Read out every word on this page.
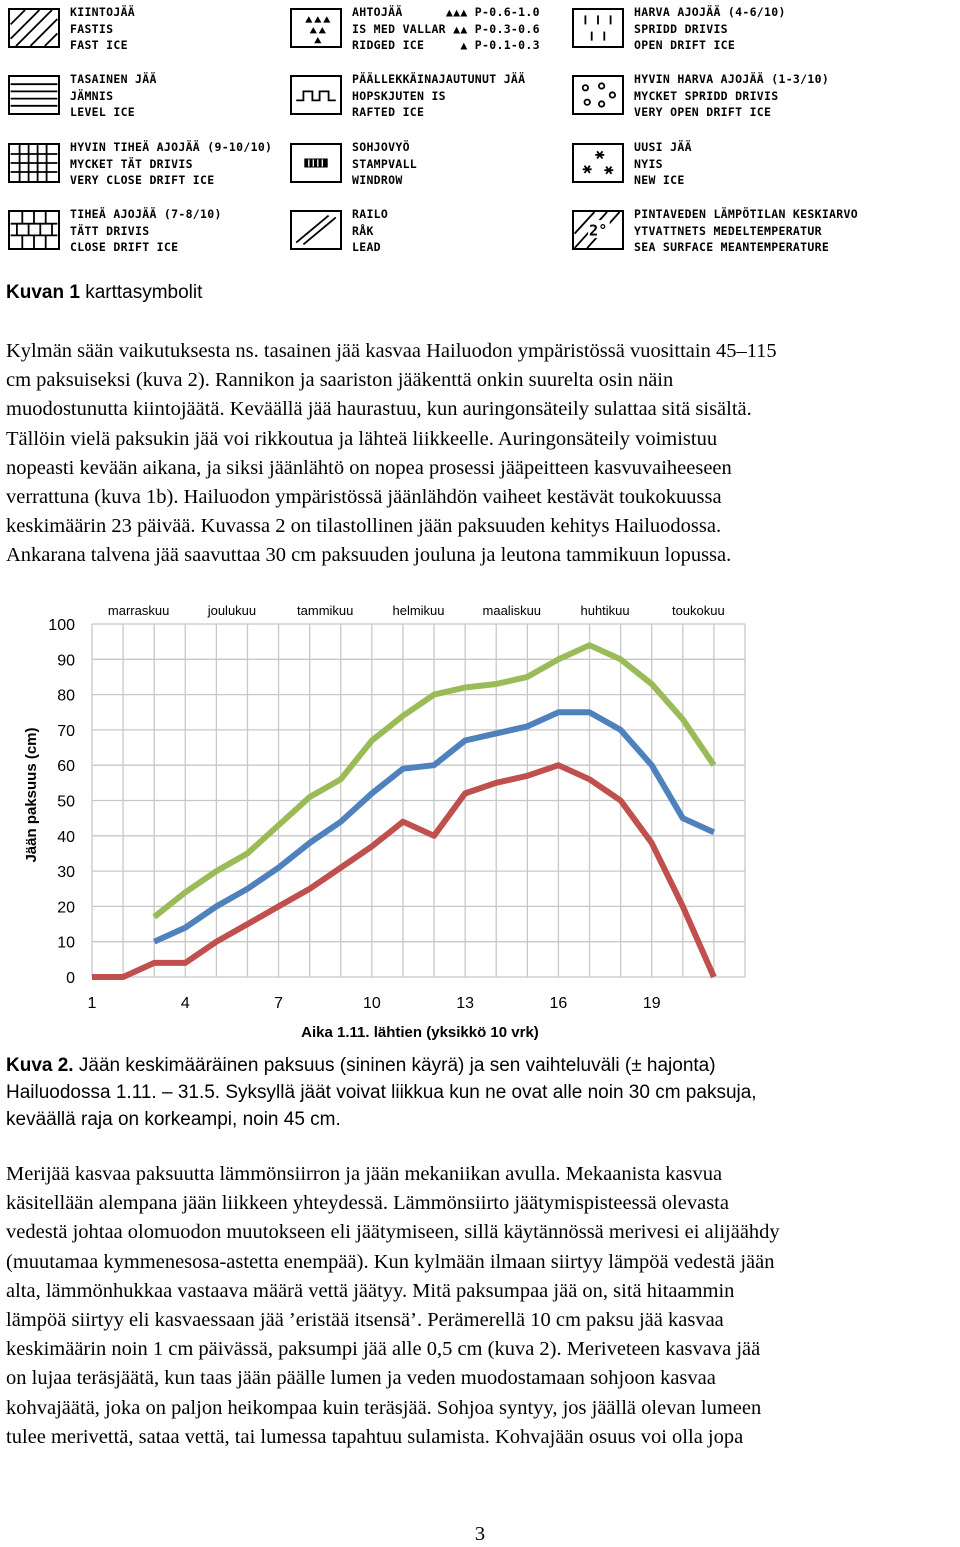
KIINTOJÄÄ
FASTIS
FAST ICE
AHTOJÄÄ      ▲▲▲ P-0.6-1.0
IS MED VALLAR ▲▲ P-0.3-0.6
RIDGED ICE     ▲ P-0.1-0.3
HARVA AJOJÄÄ (4-6/10)
SPRIDD DRIVIS
OPEN DRIFT ICE
TASAINEN JÄÄ
JÄMNIS
LEVEL ICE
PÄÄLLEKKÄINAJAUTUNUT JÄÄ
HOPSKJUTEN IS
RAFTED ICE
HYVIN HARVA AJOJÄÄ (1-3/10)
MYCKET SPRIDD DRIVIS
VERY OPEN DRIFT ICE
HYVIN TIHEÄ AJOJÄÄ (9-10/10)
MYCKET TÄT DRIVIS
VERY CLOSE DRIFT ICE
SOHJOVYÖ
STAMPVALL
WINDROW
UUSI JÄÄ
NYIS
NEW ICE
TIHEÄ AJOJÄÄ (7-8/10)
TÄTT DRIVIS
CLOSE DRIFT ICE
RAILO
RÅK
LEAD
2°
PINTAVEDEN LÄMPÖTILAN KESKIARVO
YTVATTNETS MEDELTEMPERATUR
SEA SURFACE MEANTEMPERATURE
Kuvan 1 karttasymbolit
Kylmän sään vaikutuksesta ns. tasainen jää kasvaa Hailuodon ympäristössä vuosittain 45–115
cm paksuiseksi (kuva 2). Rannikon ja saariston jääkenttä onkin suurelta osin näin
muodostunutta kiintojäätä. Keväällä jää haurastuu, kun auringonsäteily sulattaa sitä sisältä.
Tällöin vielä paksukin jää voi rikkoutua ja lähteä liikkeelle. Auringonsäteily voimistuu
nopeasti kevään aikana, ja siksi jäänlähtö on nopea prosessi jääpeitteen kasvuvaiheeseen
verrattuna (kuva 1b). Hailuodon ympäristössä jäänlähdön vaiheet kestävät toukokuussa
keskimäärin 23 päivää. Kuvassa 2 on tilastollinen jään paksuuden kehitys Hailuodossa.
Ankarana talvena jää saavuttaa 30 cm paksuuden jouluna ja leutona tammikuun lopussa.
0
10
20
30
40
50
60
70
80
90
100
1	4	7	10	13	16	19
marraskuu	joulukuu	tammikuu	helmikuu	maaliskuu	huhtikuu	toukokuu
Jään paksuus (cm)
Aika 1.11. lähtien (yksikkö 10 vrk)
Kuva 2. Jään keskimääräinen paksuus (sininen käyrä) ja sen vaihteluväli (± hajonta)
Hailuodossa 1.11. – 31.5. Syksyllä jäät voivat liikkua kun ne ovat alle noin 30 cm paksuja,
keväällä raja on korkeampi, noin 45 cm.
Merijää kasvaa paksuutta lämmönsiirron ja jään mekaniikan avulla. Mekaanista kasvua
käsitellään alempana jään liikkeen yhteydessä. Lämmönsiirto jäätymispisteessä olevasta
vedestä johtaa olomuodon muutokseen eli jäätymiseen, sillä käytännössä merivesi ei alijäähdy
(muutamaa kymmenesosa-astetta enempää). Kun kylmään ilmaan siirtyy lämpöä vedestä jään
alta, lämmönhukkaa vastaava määrä vettä jäätyy. Mitä paksumpaa jää on, sitä hitaammin
lämpöä siirtyy eli kasvaessaan jää ’eristää itsensä’. Perämerellä 10 cm paksu jää kasvaa
keskimäärin noin 1 cm päivässä, paksumpi jää alle 0,5 cm (kuva 2). Meriveteen kasvava jää
on lujaa teräsjäätä, kun taas jään päälle lumen ja veden muodostamaan sohjoon kasvaa
kohvajäätä, joka on paljon heikompaa kuin teräsjää. Sohjoa syntyy, jos jäällä olevan lumeen
tulee merivettä, sataa vettä, tai lumessa tapahtuu sulamista. Kohvajään osuus voi olla jopa
3
